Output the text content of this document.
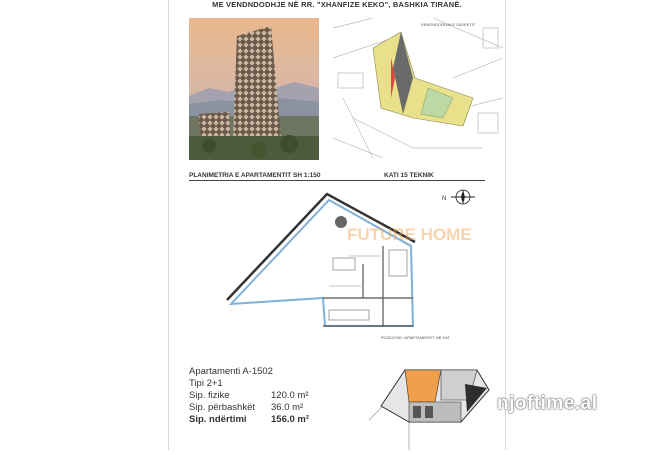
ME VENDNDODHJE NË RR. "XHANFIZE KEKO", BASHKIA TIRANË.
VENDNDODHJA E OBJEKTIT
PLANIMETRIA E APARTAMENTIT SH 1:150	KATI 15 TEKNIK
FUTURE HOME
N
POZICIONI I APARTAMENTIT NË KAT
Apartamenti A-1502
Tipi 2+1
Sip. fizike	120.0 m²
Sip. përbashkët 36.0 m²
Sip. ndërtimi	156.0 m²
njoftime.al
